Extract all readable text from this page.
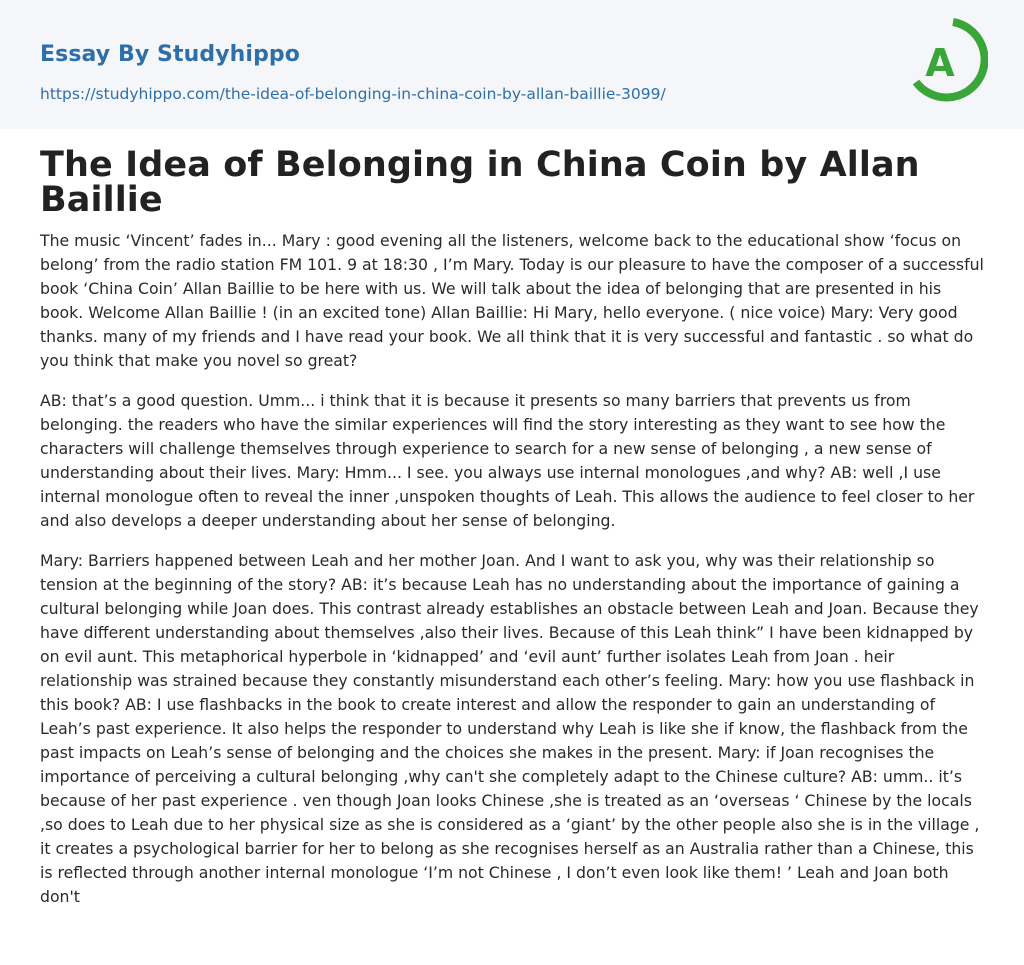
Essay By Studyhippo
https://studyhippo.com/the-idea-of-belonging-in-china-coin-by-allan-baillie-3099/
A
The Idea of Belonging in China Coin by Allan Baillie

The music ‘Vincent’ fades in... Mary : good evening all the listeners, welcome back to the educational show ‘focus on belong’ from the radio station FM 101. 9 at 18:30 , I’m Mary. Today is our pleasure to have the composer of a successful book ‘China Coin’ Allan Baillie to be here with us. We will talk about the idea of belonging that are presented in his book. Welcome Allan Baillie ! (in an excited tone) Allan Baillie: Hi Mary, hello everyone. ( nice voice) Mary: Very good thanks. many of my friends and I have read your book. We all think that it is very successful and fantastic . so what do you think that make you novel so great?

AB: that’s a good question. Umm... i think that it is because it presents so many barriers that prevents us from belonging. the readers who have the similar experiences will find the story interesting as they want to see how the characters will challenge themselves through experience to search for a new sense of belonging , a new sense of understanding about their lives. Mary: Hmm... I see. you always use internal monologues ,and why? AB: well ,I use internal monologue often to reveal the inner ,unspoken thoughts of Leah. This allows the audience to feel closer to her and also develops a deeper understanding about her sense of belonging.

Mary: Barriers happened between Leah and her mother Joan. And I want to ask you, why was their relationship so tension at the beginning of the story? AB: it’s because Leah has no understanding about the importance of gaining a cultural belonging while Joan does. This contrast already establishes an obstacle between Leah and Joan. Because they have different understanding about themselves ,also their lives. Because of this Leah think” I have been kidnapped by on evil aunt. This metaphorical hyperbole in ‘kidnapped’ and ‘evil aunt’ further isolates Leah from Joan . heir relationship was strained because they constantly misunderstand each other’s feeling. Mary: how you use flashback in this book? AB: I use flashbacks in the book to create interest and allow the responder to gain an understanding of Leah’s past experience. It also helps the responder to understand why Leah is like she if know, the flashback from the past impacts on Leah’s sense of belonging and the choices she makes in the present. Mary: if Joan recognises the importance of perceiving a cultural belonging ,why can't she completely adapt to the Chinese culture? AB: umm.. it’s because of her past experience . ven though Joan looks Chinese ,she is treated as an ‘overseas ‘ Chinese by the locals ,so does to Leah due to her physical size as she is considered as a ‘giant’ by the other people also she is in the village , it creates a psychological barrier for her to belong as she recognises herself as an Australia rather than a Chinese, this is reflected through another internal monologue ‘I’m not Chinese , I don’t even look like them! ’ Leah and Joan both don't
